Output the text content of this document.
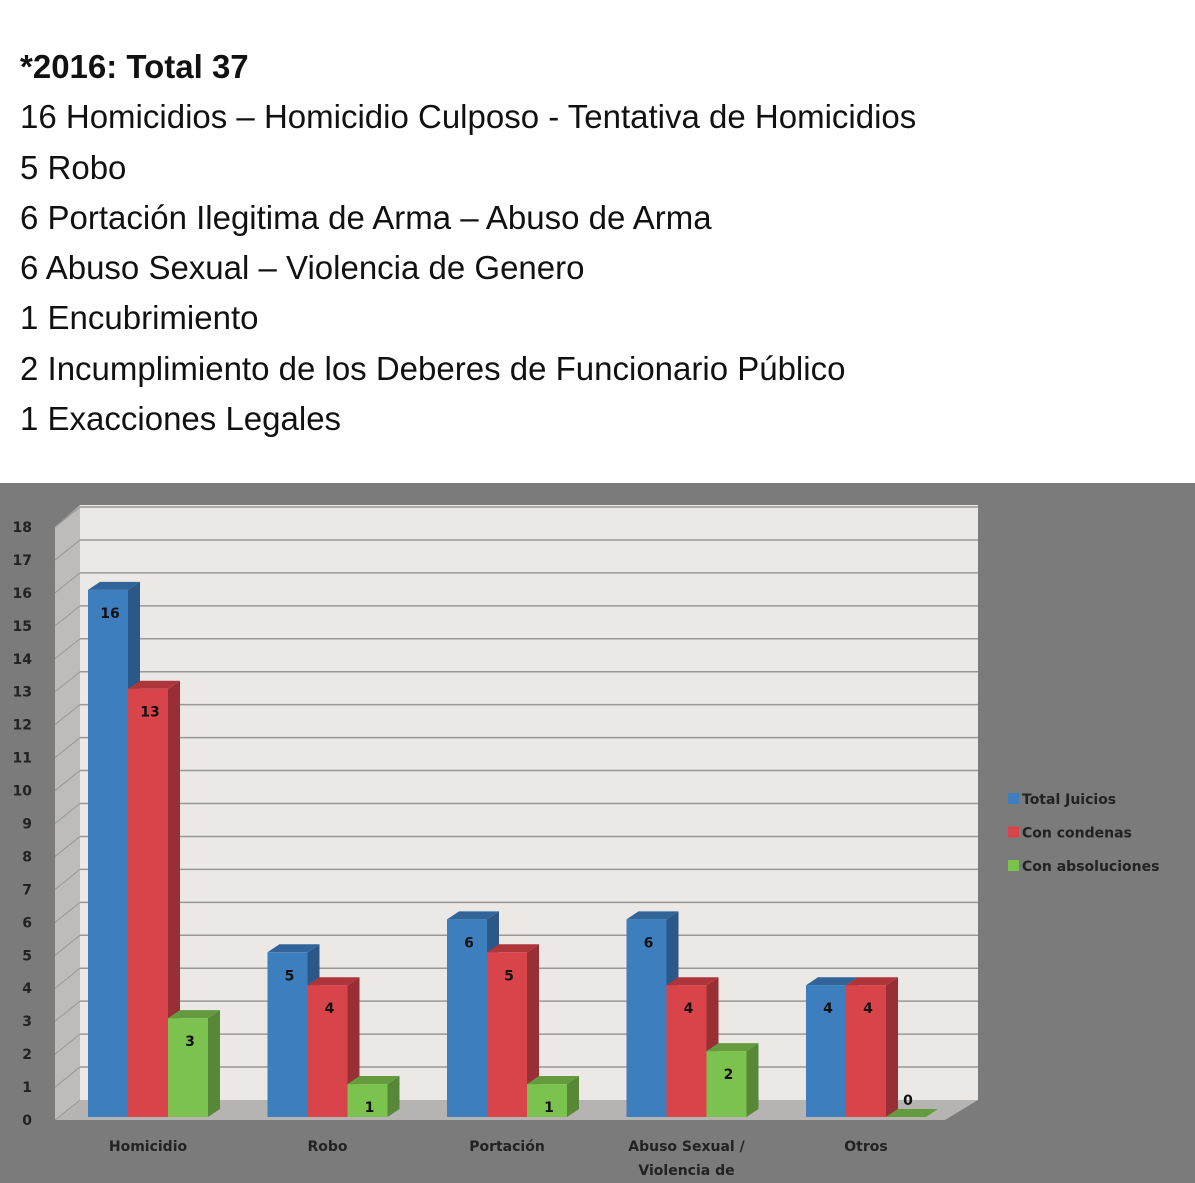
*2016: Total 37
16 Homicidios – Homicidio Culposo - Tentativa de Homicidios
5 Robo
6 Portación Ilegitima de Arma – Abuso de Arma
6 Abuso Sexual – Violencia de Genero
1 Encubrimiento
2 Incumplimiento de los Deberes de Funcionario Público
1 Exacciones Legales
0
1
2
3
4
5
6
7
8
9
10
11
12
13
14
15
16
17
18
16
13
3
Homicidio
5
4
1
Robo
6
5
1
Portación
6
4
2
Abuso Sexual /
Violencia de
4 4
0
Otros
Total Juicios
Con condenas
Con absoluciones
